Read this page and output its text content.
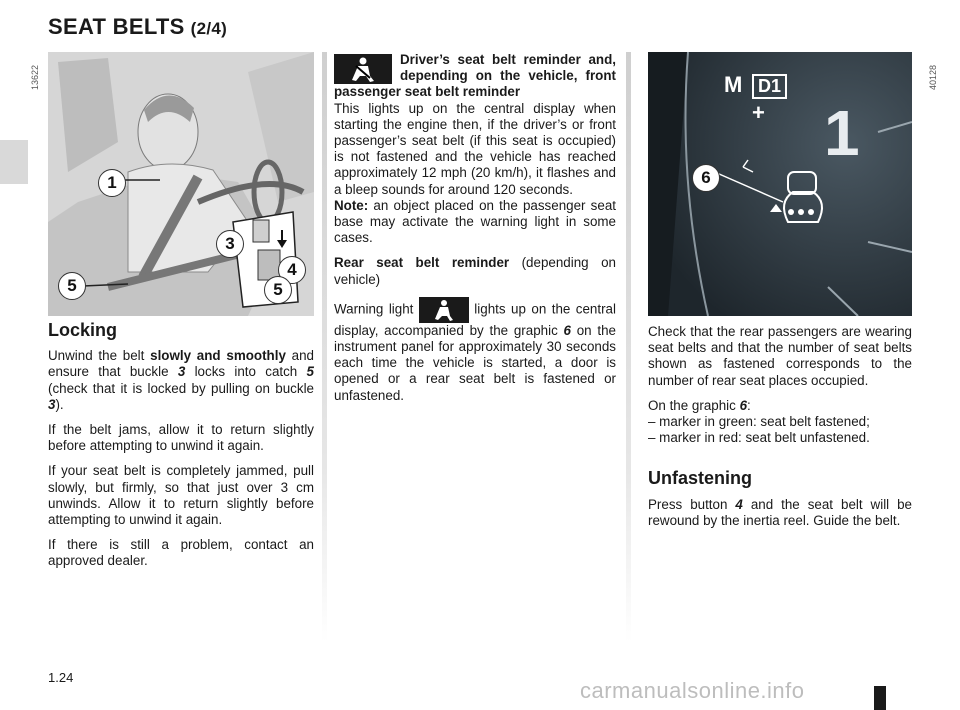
SEAT BELTS (2/4)
13622
1
3
4
5	5
40128
M D1
+ 1
6
Locking

Unwind the belt slowly and smoothly and ensure that buckle 3 locks into catch 5 (check that it is locked by pulling on buckle 3).

If the belt jams, allow it to return slightly before attempting to unwind it again.

If your seat belt is completely jammed, pull slowly, but firmly, so that just over 3 cm unwinds. Allow it to return slightly before attempting to unwind it again.

If there is still a problem, contact an approved dealer.

Driver’s seat belt reminder and, depending on the vehicle, front passenger seat belt reminder

This lights up on the central display when starting the engine then, if the driver’s or front passenger’s seat belt (if this seat is occupied) is not fastened and the vehicle has reached approximately 12 mph (20 km/h), it flashes and a bleep sounds for around 120 seconds.

Note: an object placed on the passenger seat base may activate the warning light in some cases.

Rear seat belt reminder (depending on vehicle)

Warning light	lights up on the central display, accompanied by the graphic 6 on the instrument panel for approximately 30 seconds each time the vehicle is started, a door is opened or a rear seat belt is fastened or unfastened.

Check that the rear passengers are wearing seat belts and that the number of seat belts shown as fastened corresponds to the number of rear seat places occupied.

On the graphic 6:

– marker in green: seat belt fastened;

– marker in red: seat belt unfastened.

Unfastening

Press button 4 and the seat belt will be rewound by the inertia reel. Guide the belt.

1.24
carmanualsonline.info
